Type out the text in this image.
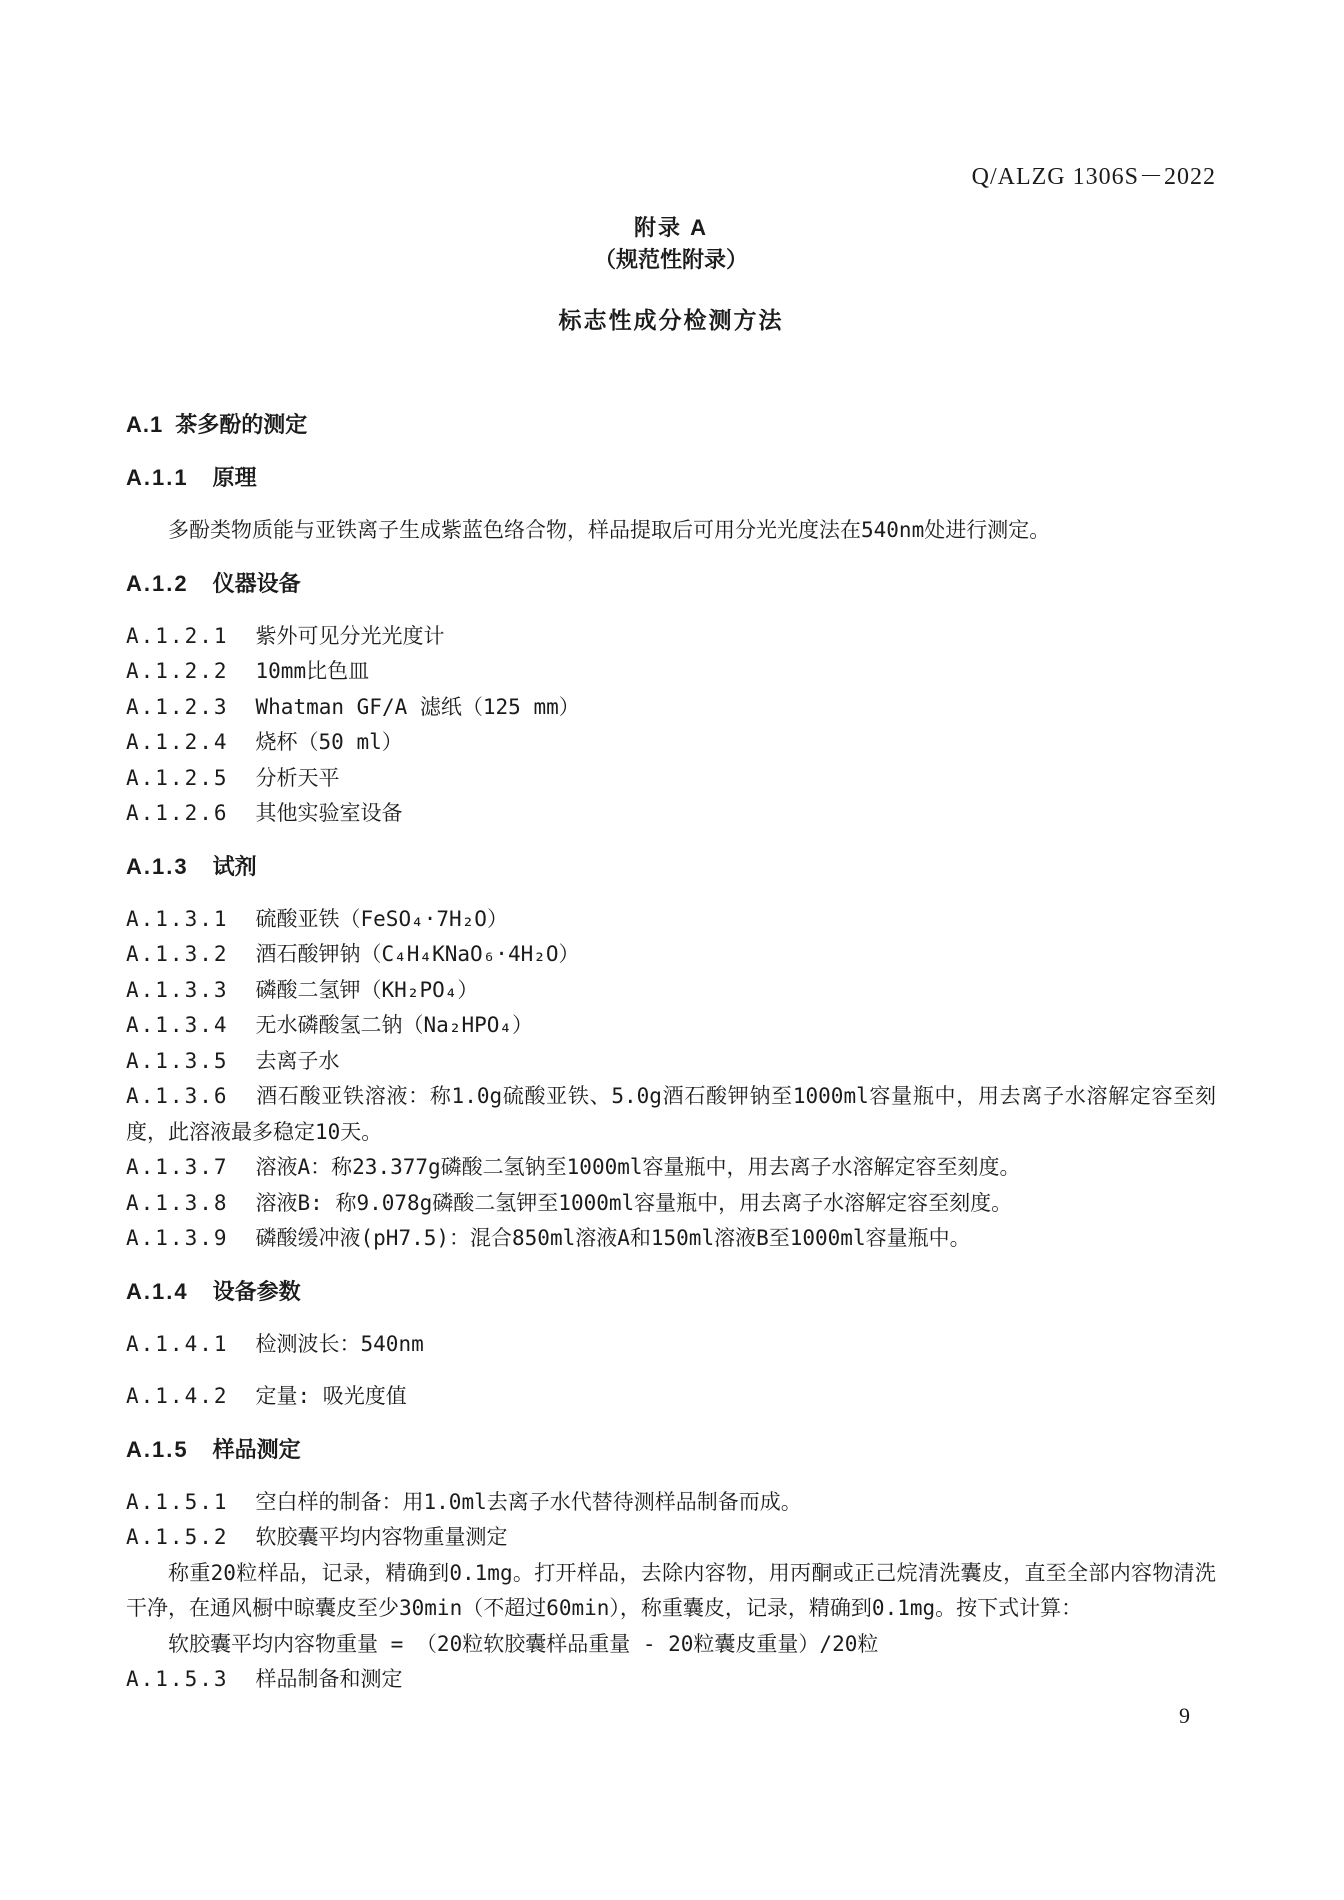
Q/ALZG 1306S－2022
附录 A
（规范性附录）
标志性成分检测方法
A.1 茶多酚的测定
A.1.1 原理
多酚类物质能与亚铁离子生成紫蓝色络合物，样品提取后可用分光光度法在540nm处进行测定。
A.1.2 仪器设备
A.1.2.1 紫外可见分光光度计
A.1.2.2 10mm比色皿
A.1.2.3 Whatman GF/A 滤纸（125 mm）
A.1.2.4 烧杯（50 ml）
A.1.2.5 分析天平
A.1.2.6 其他实验室设备
A.1.3 试剂
A.1.3.1 硫酸亚铁（FeSO₄·7H₂O）
A.1.3.2 酒石酸钾钠（C₄H₄KNaO₆·4H₂O）
A.1.3.3 磷酸二氢钾（KH₂PO₄）
A.1.3.4 无水磷酸氢二钠（Na₂HPO₄）
A.1.3.5 去离子水
A.1.3.6 酒石酸亚铁溶液：称1.0g硫酸亚铁、5.0g酒石酸钾钠至1000ml容量瓶中，用去离子水溶解定容至刻度，此溶液最多稳定10天。
A.1.3.7 溶液A：称23.377g磷酸二氢钠至1000ml容量瓶中，用去离子水溶解定容至刻度。
A.1.3.8 溶液B: 称9.078g磷酸二氢钾至1000ml容量瓶中，用去离子水溶解定容至刻度。
A.1.3.9 磷酸缓冲液(pH7.5)：混合850ml溶液A和150ml溶液B至1000ml容量瓶中。
A.1.4 设备参数
A.1.4.1 检测波长：540nm
A.1.4.2 定量: 吸光度值
A.1.5 样品测定
A.1.5.1 空白样的制备：用1.0ml去离子水代替待测样品制备而成。
A.1.5.2 软胶囊平均内容物重量测定
称重20粒样品，记录，精确到0.1mg。打开样品，去除内容物，用丙酮或正己烷清洗囊皮，直至全部内容物清洗干净，在通风橱中晾囊皮至少30min（不超过60min），称重囊皮，记录，精确到0.1mg。按下式计算：
软胶囊平均内容物重量 = （20粒软胶囊样品重量 - 20粒囊皮重量）/20粒
A.1.5.3 样品制备和测定
9
